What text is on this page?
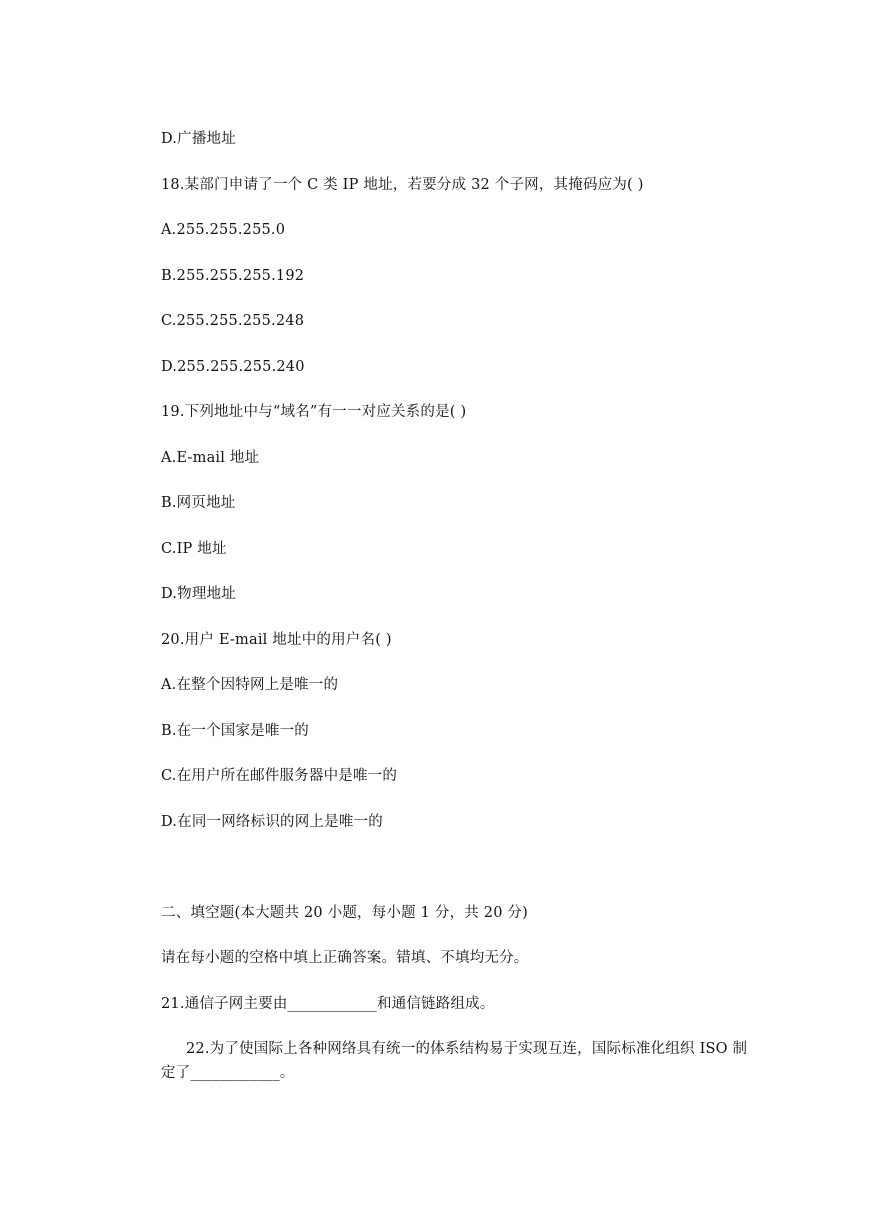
D.广播地址
18.某部门申请了一个 C 类 IP 地址，若要分成 32 个子网，其掩码应为( )
A.255.255.255.0
B.255.255.255.192
C.255.255.255.248
D.255.255.255.240
19.下列地址中与“域名”有一一对应关系的是( )
A.E-mail 地址
B.网页地址
C.IP 地址
D.物理地址
20.用户 E-mail 地址中的用户名( )
A.在整个因特网上是唯一的
B.在一个国家是唯一的
C.在用户所在邮件服务器中是唯一的
D.在同一网络标识的网上是唯一的
二、填空题(本大题共 20 小题，每小题 1 分，共 20 分)
请在每小题的空格中填上正确答案。错填、不填均无分。
21.通信子网主要由____________和通信链路组成。
22.为了使国际上各种网络具有统一的体系结构易于实现互连，国际标准化组织 ISO 制
定了____________。
